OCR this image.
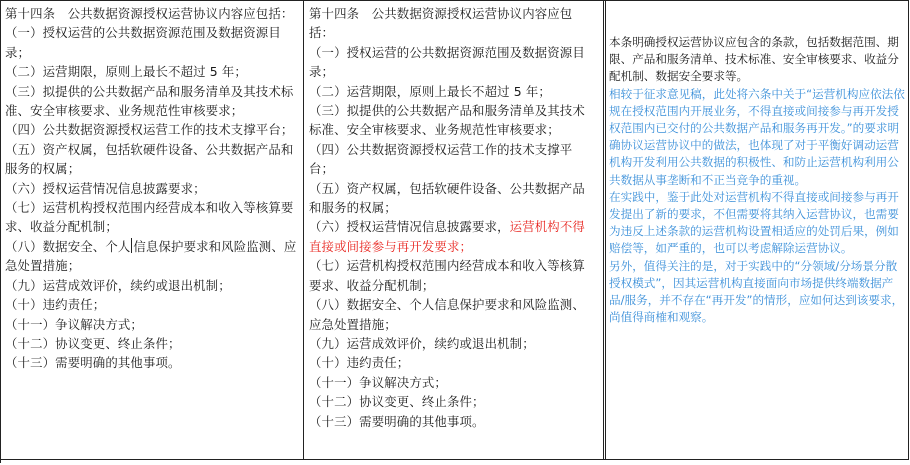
第十四条　公共数据资源授权运营协议内容应包括：

（一）授权运营的公共数据资源范围及数据资源目录；

（二）运营期限，原则上最长不超过 5 年；

（三）拟提供的公共数据产品和服务清单及其技术标准、安全审核要求、业务规范性审核要求；

（四）公共数据资源授权运营工作的技术支撑平台；

（五）资产权属，包括软硬件设备、公共数据产品和服务的权属；

（六）授权运营情况信息披露要求；

（七）运营机构授权范围内经营成本和收入等核算要求、收益分配机制；

（八）数据安全、个人 信息保护要求和风险监测、应急处置措施；

（九）运营成效评价，续约或退出机制；

（十）违约责任；

（十一）争议解决方式；

（十二）协议变更、终止条件；

（十三）需要明确的其他事项。

第十四条　公共数据资源授权运营协议内容应包括：

（一）授权运营的公共数据资源范围及数据资源目录；

（二）运营期限，原则上最长不超过 5 年；

（三）拟提供的公共数据产品和服务清单及其技术标准、安全审核要求、业务规范性审核要求；

（四）公共数据资源授权运营工作的技术支撑平台；

（五）资产权属，包括软硬件设备、公共数据产品和服务的权属；

（六）授权运营情况信息披露要求，运营机构不得直接或间接参与再开发要求；

（七）运营机构授权范围内经营成本和收入等核算要求、收益分配机制；

（八）数据安全、个人信息保护要求和风险监测、应急处置措施；

（九）运营成效评价，续约或退出机制；

（十）违约责任；

（十一）争议解决方式；

（十二）协议变更、终止条件；

（十三）需要明确的其他事项。

本条明确授权运营协议应包含的条款，包括数据范围、期限、产品和服务清单、技术标准、安全审核要求、收益分配机制、数据安全要求等。

相较于征求意见稿，此处将六条中关于“运营机构应依法依规在授权范围内开展业务，不得直接或间接参与再开发授权范围内已交付的公共数据产品和服务再开发。”的要求明确协议运营协议中的做法，也体现了对于平衡好调动运营机构开发利用公共数据的积极性、和防止运营机构利用公共数据从事垄断和不正当竞争的重视。

在实践中，鉴于此处对运营机构不得直接或间接参与再开发提出了新的要求，不但需要将其纳入运营协议，也需要为违反上述条款的运营机构设置相适应的处罚后果，例如赔偿等，如严重的，也可以考虑解除运营协议。

另外，值得关注的是，对于实践中的“分领域/分场景分散授权模式”，因其运营机构直接面向市场提供终端数据产品/服务，并不存在“再开发”的情形，应如何达到该要求，尚值得商榷和观察。
